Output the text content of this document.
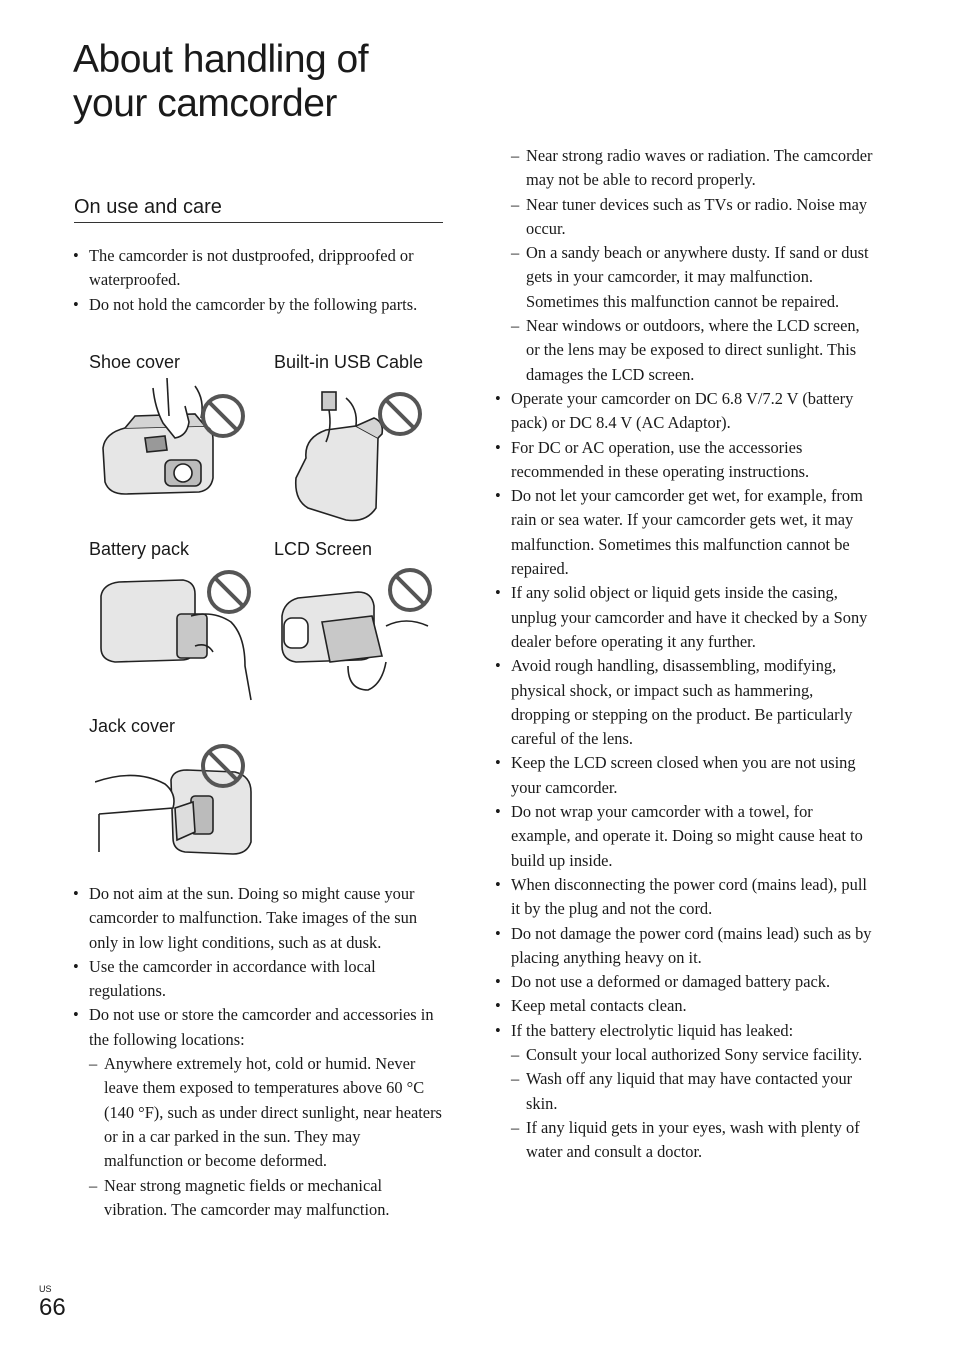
About handling of
your camcorder
On use and care
• The camcorder is not dustproofed, dripproofed or waterproofed.
• Do not hold the camcorder by the following parts.
Shoe cover	Built-in USB Cable
Battery pack	LCD Screen
Jack cover
• Do not aim at the sun. Doing so might cause your camcorder to malfunction. Take images of the sun only in low light conditions, such as at dusk.
• Use the camcorder in accordance with local regulations.
• Do not use or store the camcorder and accessories in the following locations:
– Anywhere extremely hot, cold or humid. Never leave them exposed to temperatures above 60 °C (140 °F), such as under direct sunlight, near heaters or in a car parked in the sun. They may malfunction or become deformed.
– Near strong magnetic fields or mechanical vibration. The camcorder may malfunction.
– Near strong radio waves or radiation. The camcorder may not be able to record properly.
– Near tuner devices such as TVs or radio. Noise may occur.
– On a sandy beach or anywhere dusty. If sand or dust gets in your camcorder, it may malfunction. Sometimes this malfunction cannot be repaired.
– Near windows or outdoors, where the LCD screen, or the lens may be exposed to direct sunlight. This damages the LCD screen.
• Operate your camcorder on DC 6.8 V/7.2 V (battery pack) or DC 8.4 V (AC Adaptor).
• For DC or AC operation, use the accessories recommended in these operating instructions.
• Do not let your camcorder get wet, for example, from rain or sea water. If your camcorder gets wet, it may malfunction. Sometimes this malfunction cannot be repaired.
• If any solid object or liquid gets inside the casing, unplug your camcorder and have it checked by a Sony dealer before operating it any further.
• Avoid rough handling, disassembling, modifying, physical shock, or impact such as hammering, dropping or stepping on the product. Be particularly careful of the lens.
• Keep the LCD screen closed when you are not using your camcorder.
• Do not wrap your camcorder with a towel, for example, and operate it. Doing so might cause heat to build up inside.
• When disconnecting the power cord (mains lead), pull it by the plug and not the cord.
• Do not damage the power cord (mains lead) such as by placing anything heavy on it.
• Do not use a deformed or damaged battery pack.
• Keep metal contacts clean.
• If the battery electrolytic liquid has leaked:
– Consult your local authorized Sony service facility.
– Wash off any liquid that may have contacted your skin.
– If any liquid gets in your eyes, wash with plenty of water and consult a doctor.
US
66
